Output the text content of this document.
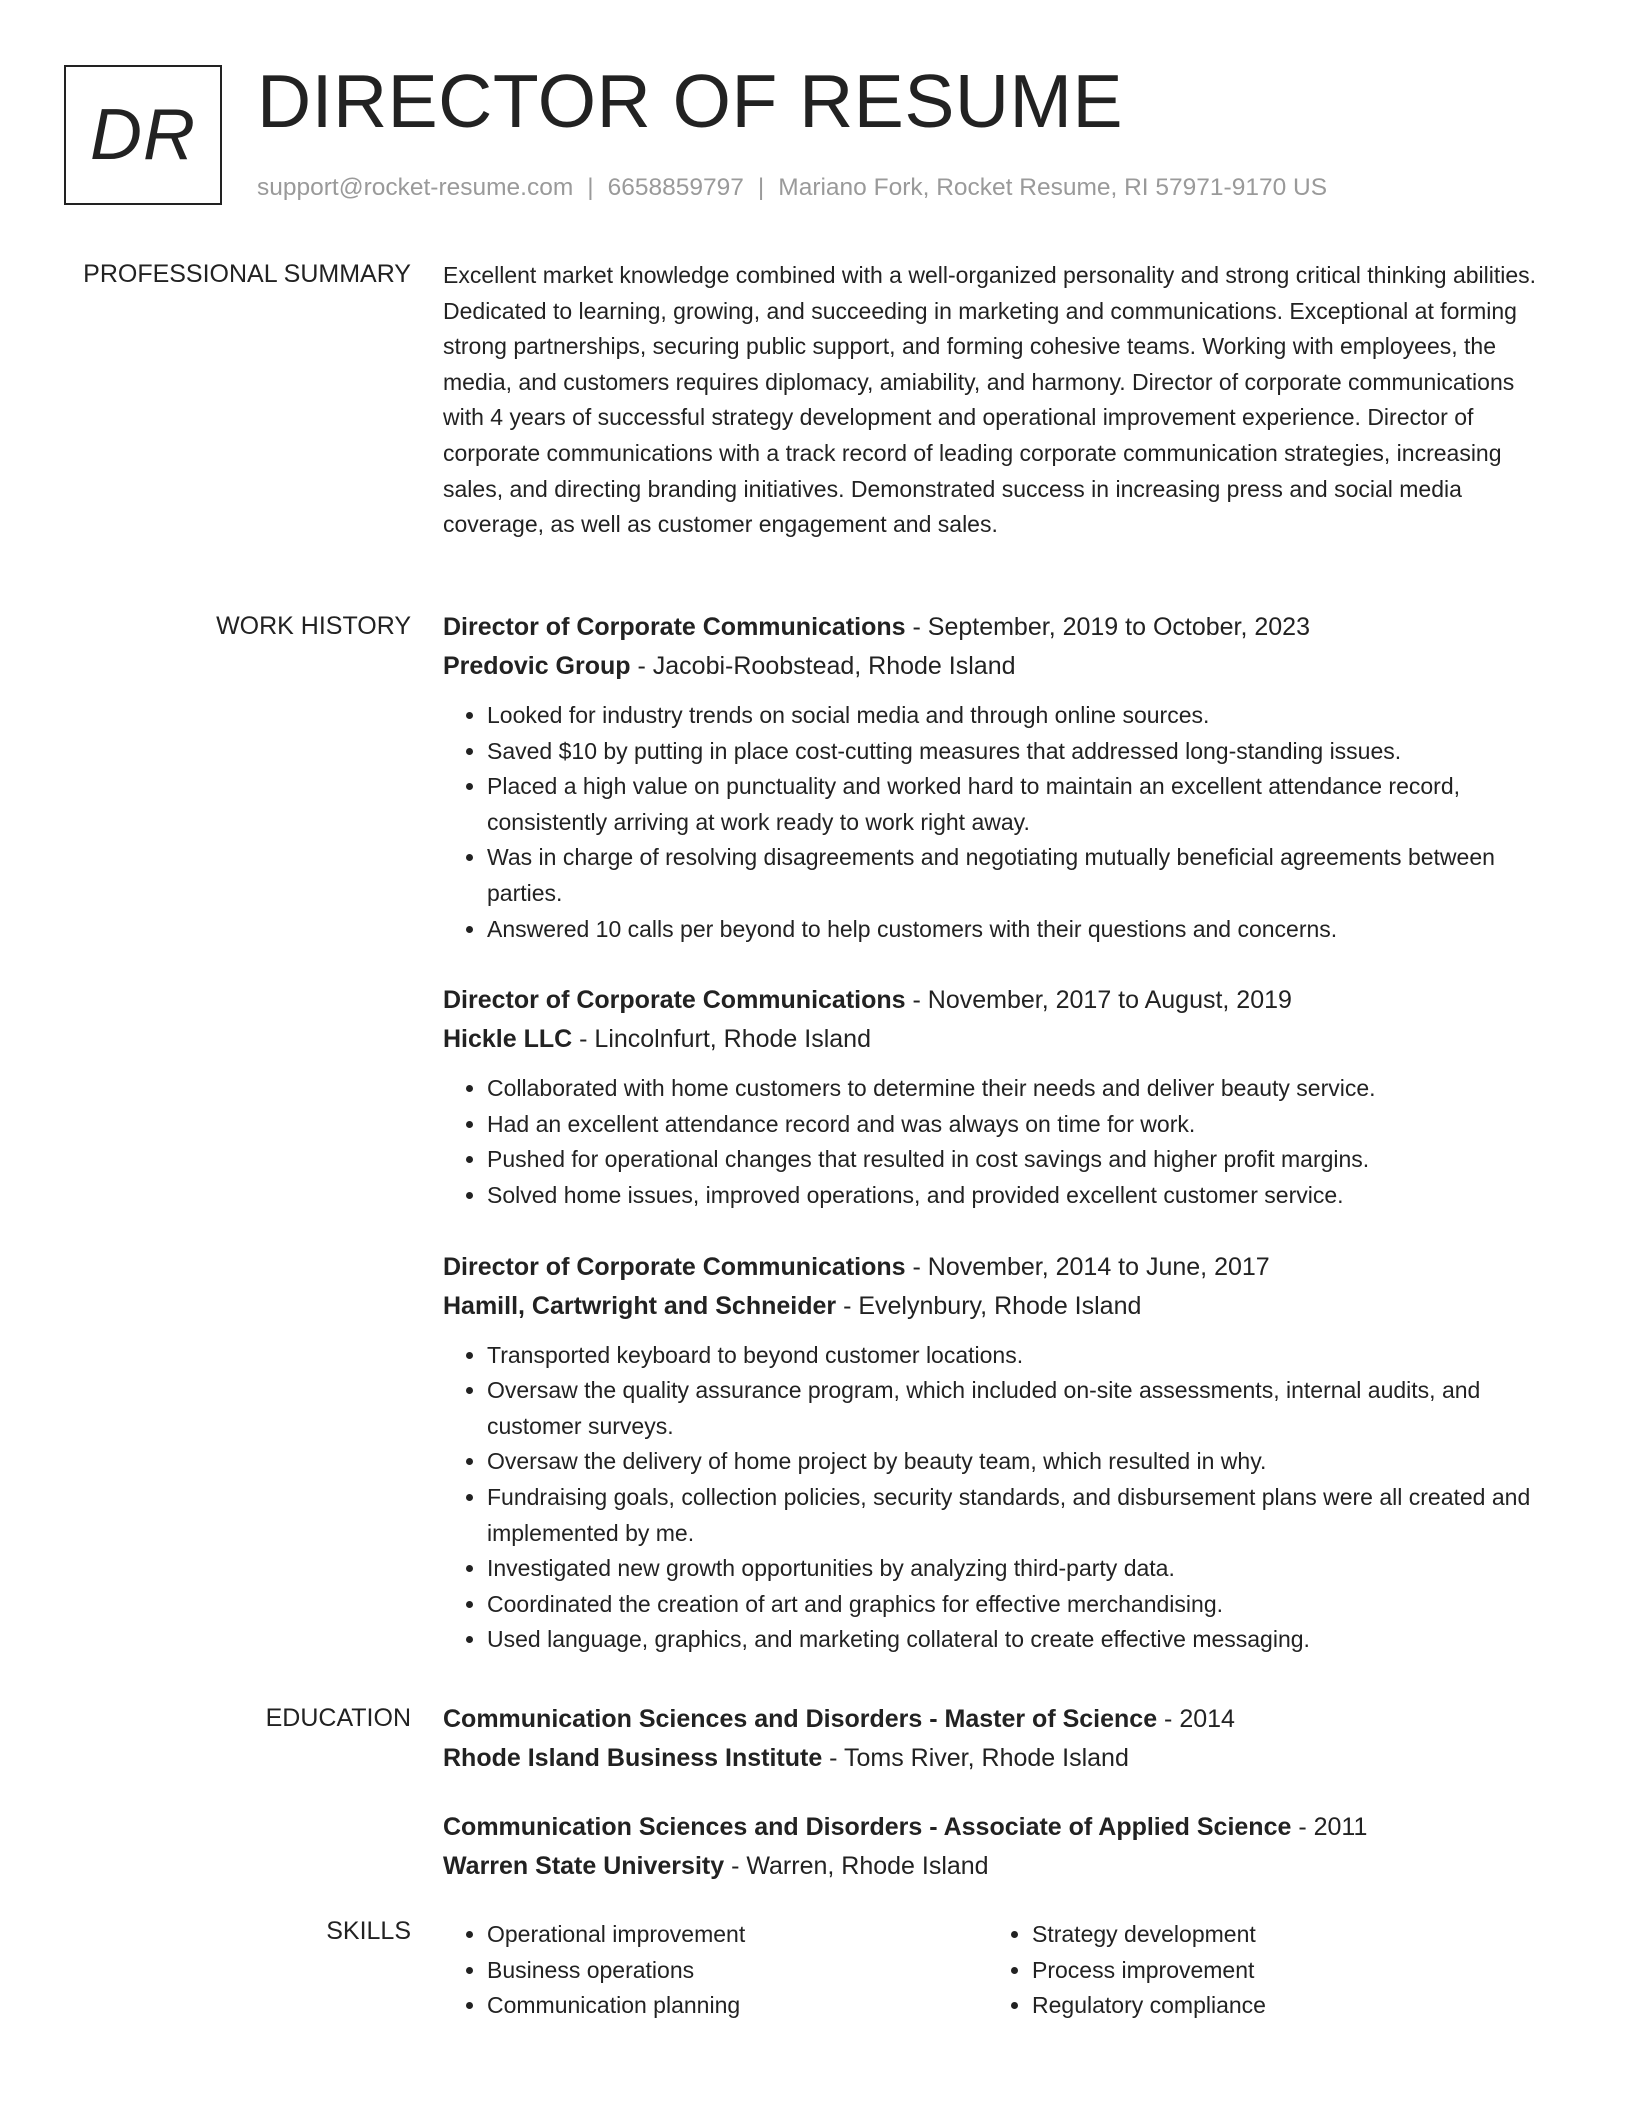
DR DIRECTOR OF RESUME
support@rocket-resume.com | 6658859797 | Mariano Fork, Rocket Resume, RI 57971-9170 US
PROFESSIONAL SUMMARY Excellent market knowledge combined with a well-organized personality and strong critical thinking abilities. Dedicated to learning, growing, and succeeding in marketing and communications. Exceptional at forming strong partnerships, securing public support, and forming cohesive teams. Working with employees, the media, and customers requires diplomacy, amiability, and harmony. Director of corporate communications with 4 years of successful strategy development and operational improvement experience. Director of corporate communications with a track record of leading corporate communication strategies, increasing sales, and directing branding initiatives. Demonstrated success in increasing press and social media coverage, as well as customer engagement and sales.

WORK HISTORY Director of Corporate Communications - September, 2019 to October, 2023

Predovic Group - Jacobi-Roobstead, Rhode Island

• Looked for industry trends on social media and through online sources.
• Saved $10 by putting in place cost-cutting measures that addressed long-standing issues.
• Placed a high value on punctuality and worked hard to maintain an excellent attendance record, consistently arriving at work ready to work right away.
• Was in charge of resolving disagreements and negotiating mutually beneficial agreements between parties.
• Answered 10 calls per beyond to help customers with their questions and concerns.

Director of Corporate Communications - November, 2017 to August, 2019

Hickle LLC - Lincolnfurt, Rhode Island

• Collaborated with home customers to determine their needs and deliver beauty service.
• Had an excellent attendance record and was always on time for work.
• Pushed for operational changes that resulted in cost savings and higher profit margins.
• Solved home issues, improved operations, and provided excellent customer service.

Director of Corporate Communications - November, 2014 to June, 2017

Hamill, Cartwright and Schneider - Evelynbury, Rhode Island

• Transported keyboard to beyond customer locations.
• Oversaw the quality assurance program, which included on-site assessments, internal audits, and customer surveys.
• Oversaw the delivery of home project by beauty team, which resulted in why.
• Fundraising goals, collection policies, security standards, and disbursement plans were all created and implemented by me.
• Investigated new growth opportunities by analyzing third-party data.
• Coordinated the creation of art and graphics for effective merchandising.
• Used language, graphics, and marketing collateral to create effective messaging.
EDUCATION Communication Sciences and Disorders - Master of Science - 2014

Rhode Island Business Institute - Toms River, Rhode Island

Communication Sciences and Disorders - Associate of Applied Science - 2011

Warren State University - Warren, Rhode Island

SKILLS
•	Operational improvement
• Business operations
• Communication planning
• Strategy development
• Process improvement
• Regulatory compliance
